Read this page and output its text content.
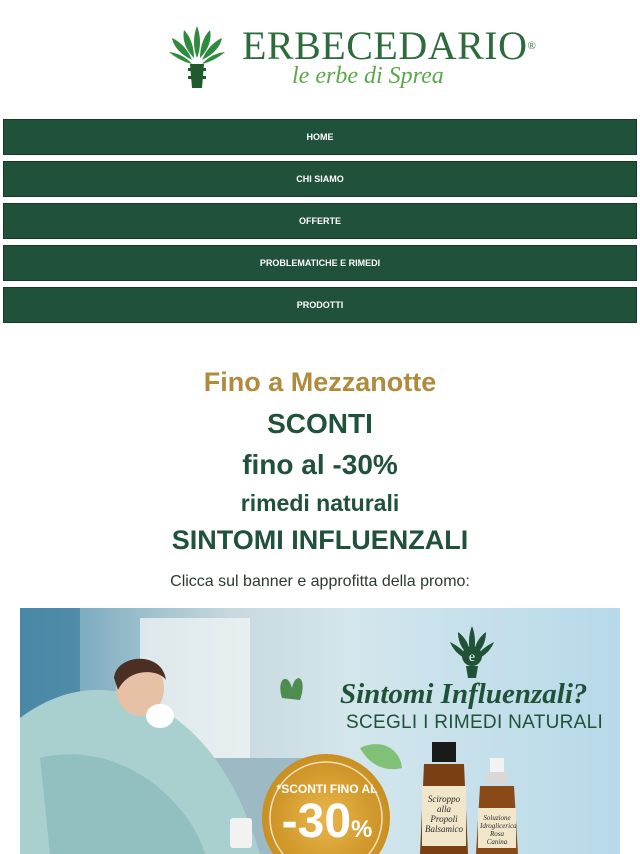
ERBECEDARIO®
le erbe di Sprea
HOME
CHI SIAMO
OFFERTE
PROBLEMATICHE E RIMEDI
PRODOTTI

Fino a Mezzanotte

SCONTI

fino al -30%

rimedi naturali

SINTOMI INFLUENZALI

Clicca sul banner e approfitta della promo:
e
Sintomi Influenzali?
SCEGLI I RIMEDI NATURALI
*SCONTI FINO AL
-30%
Sciroppo alla Propoli Balsamico
Soluzione Idroglicerica Rosa Canina
